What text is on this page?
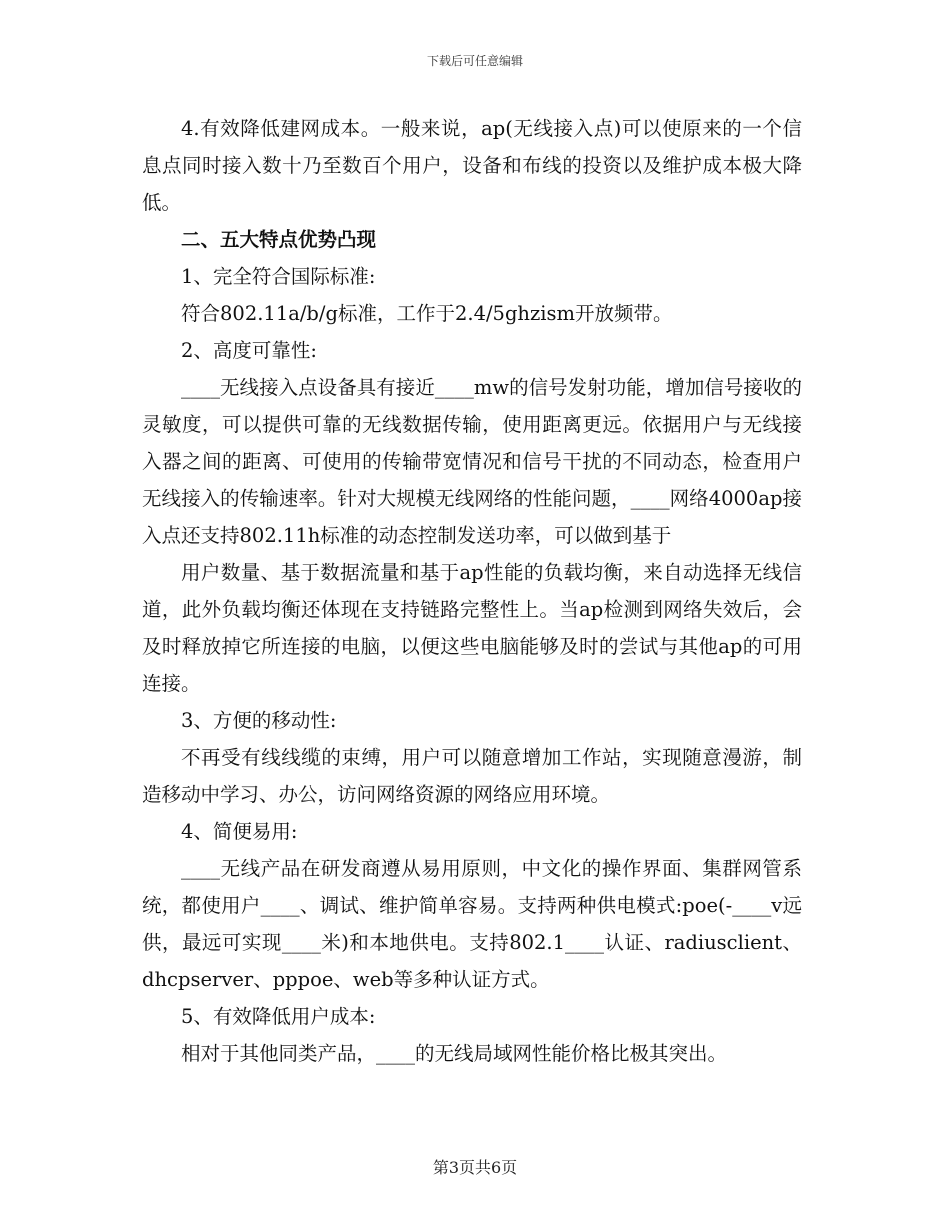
下载后可任意编辑

4.有效降低建网成本。一般来说，ap(无线接入点)可以使原来的一个信息点同时接入数十乃至数百个用户，设备和布线的投资以及维护成本极大降低。

二、五大特点优势凸现

1、完全符合国际标准:

符合802.11a/b/g标准，工作于2.4/5ghzism开放频带。

2、高度可靠性:

____无线接入点设备具有接近____mw的信号发射功能，增加信号接收的灵敏度，可以提供可靠的无线数据传输，使用距离更远。依据用户与无线接入器之间的距离、可使用的传输带宽情况和信号干扰的不同动态，检查用户无线接入的传输速率。针对大规模无线网络的性能问题，____网络4000ap接入点还支持802.11h标准的动态控制发送功率，可以做到基于

用户数量、基于数据流量和基于ap性能的负载均衡，来自动选择无线信道，此外负载均衡还体现在支持链路完整性上。当ap检测到网络失效后，会及时释放掉它所连接的电脑，以便这些电脑能够及时的尝试与其他ap的可用连接。

3、方便的移动性:

不再受有线线缆的束缚，用户可以随意增加工作站，实现随意漫游，制造移动中学习、办公，访问网络资源的网络应用环境。

4、简便易用:

____无线产品在研发商遵从易用原则，中文化的操作界面、集群网管系统，都使用户____、调试、维护简单容易。支持两种供电模式:poe(-____v远供，最远可实现____米)和本地供电。支持802.1____认证、radiusclient、dhcpserver、pppoe、web等多种认证方式。

5、有效降低用户成本:

相对于其他同类产品，____的无线局域网性能价格比极其突出。

第3页共6页
